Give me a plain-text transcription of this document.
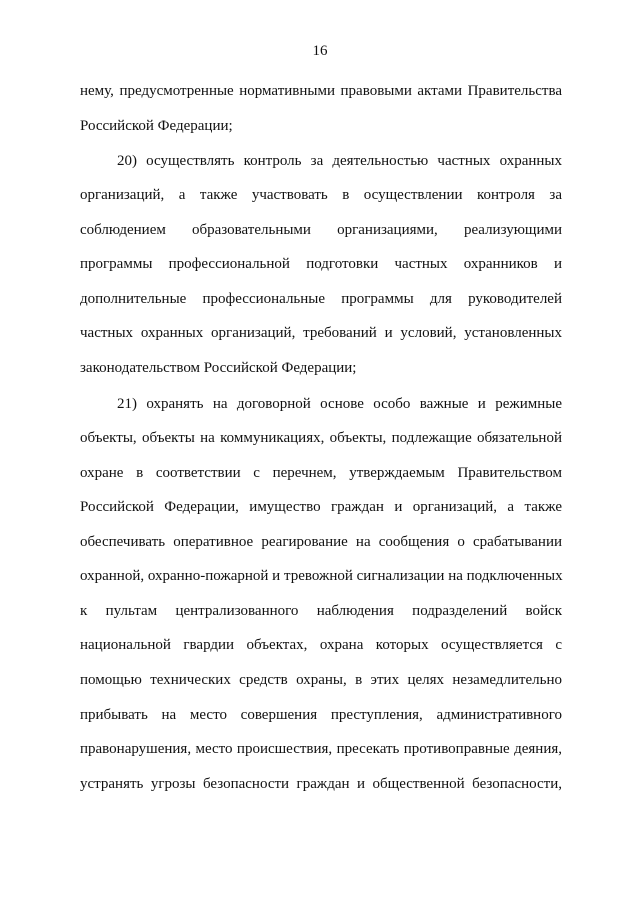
16
нему, предусмотренные нормативными правовыми актами Правительства
Российской Федерации;
20) осуществлять контроль за деятельностью частных охранных
организаций, а также участвовать в осуществлении контроля за
соблюдением образовательными организациями, реализующими
программы профессиональной подготовки частных охранников и
дополнительные профессиональные программы для руководителей
частных охранных организаций, требований и условий, установленных
законодательством Российской Федерации;
21) охранять на договорной основе особо важные и режимные
объекты, объекты на коммуникациях, объекты, подлежащие обязательной
охране в соответствии с перечнем, утверждаемым Правительством
Российской Федерации, имущество граждан и организаций, а также
обеспечивать оперативное реагирование на сообщения о срабатывании
охранной, охранно-пожарной и тревожной сигнализации на подключенных
к пультам централизованного наблюдения подразделений войск
национальной гвардии объектах, охрана которых осуществляется с
помощью технических средств охраны, в этих целях незамедлительно
прибывать на место совершения преступления, административного
правонарушения, место происшествия, пресекать противоправные деяния,
устранять угрозы безопасности граждан и общественной безопасности,
